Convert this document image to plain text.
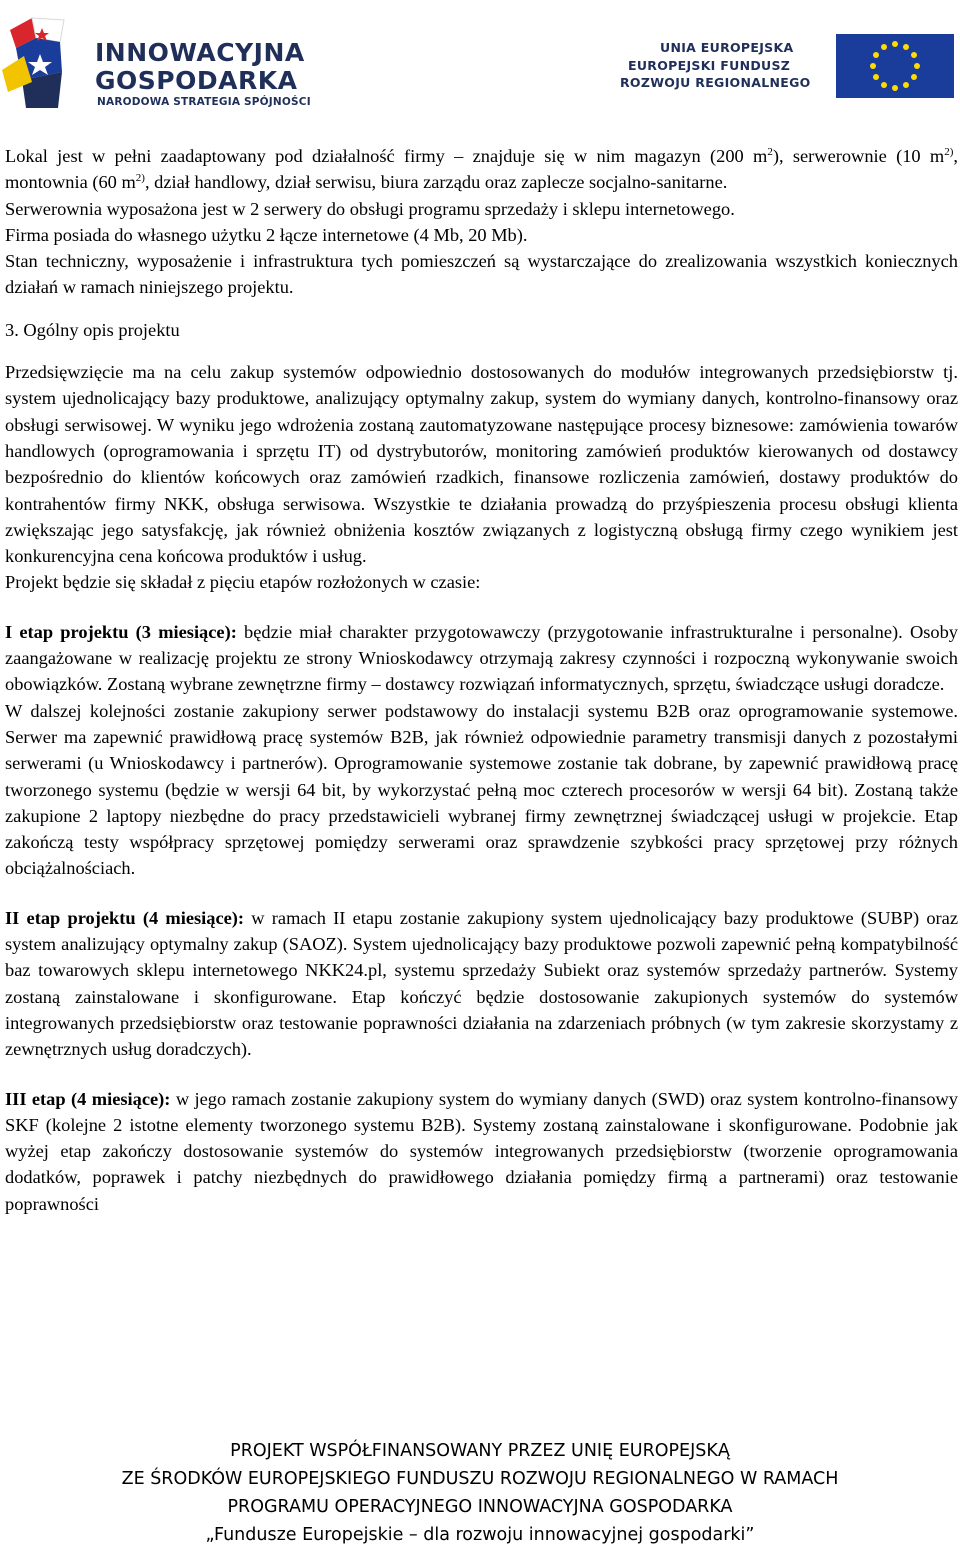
INNOWACYJNA
GOSPODARKA
NARODOWA STRATEGIA SPÓJNOŚCI
UNIA EUROPEJSKA
EUROPEJSKI FUNDUSZ
ROZWOJU REGIONALNEGO

Lokal jest w pełni zaadaptowany pod działalność firmy – znajduje się w nim magazyn (200 $m^2$), serwerownie (10 $m^{2)}$, montownia (60 $m^{2)}$, dział handlowy, dział serwisu, biura zarządu oraz zaplecze socjalno-sanitarne.

Serwerownia wyposażona jest w 2 serwery do obsługi programu sprzedaży i sklepu internetowego.

Firma posiada do własnego użytku 2 łącze internetowe (4 Mb, 20 Mb).

Stan techniczny, wyposażenie i infrastruktura tych pomieszczeń są wystarczające do zrealizowania wszystkich koniecznych działań w ramach niniejszego projektu.

3. Ogólny opis projektu

Przedsięwzięcie ma na celu zakup systemów odpowiednio dostosowanych do modułów integrowanych przedsiębiorstw tj. system ujednolicający bazy produktowe, analizujący optymalny zakup, system do wymiany danych, kontrolno-finansowy oraz obsługi serwisowej. W wyniku jego wdrożenia zostaną zautomatyzowane następujące procesy biznesowe: zamówienia towarów handlowych (oprogramowania i sprzętu IT) od dystrybutorów, monitoring zamówień produktów kierowanych od dostawcy bezpośrednio do klientów końcowych oraz zamówień rzadkich, finansowe rozliczenia zamówień, dostawy produktów do kontrahentów firmy NKK, obsługa serwisowa. Wszystkie te działania prowadzą do przyśpieszenia procesu obsługi klienta zwiększając jego satysfakcję, jak również obniżenia kosztów związanych z logistyczną obsługą firmy czego wynikiem jest konkurencyjna cena końcowa produktów i usług.

Projekt będzie się składał z pięciu etapów rozłożonych w czasie:

I etap projektu (3 miesiące): będzie miał charakter przygotowawczy (przygotowanie infrastrukturalne i personalne). Osoby zaangażowane w realizację projektu ze strony Wnioskodawcy otrzymają zakresy czynności i rozpoczną wykonywanie swoich obowiązków. Zostaną wybrane zewnętrzne firmy – dostawcy rozwiązań informatycznych, sprzętu, świadczące usługi doradcze.

W dalszej kolejności zostanie zakupiony serwer podstawowy do instalacji systemu B2B oraz oprogramowanie systemowe. Serwer ma zapewnić prawidłową pracę systemów B2B, jak również odpowiednie parametry transmisji danych z pozostałymi serwerami (u Wnioskodawcy i partnerów). Oprogramowanie systemowe zostanie tak dobrane, by zapewnić prawidłową pracę tworzonego systemu (będzie w wersji 64 bit, by wykorzystać pełną moc czterech procesorów w wersji 64 bit). Zostaną także zakupione 2 laptopy niezbędne do pracy przedstawicieli wybranej firmy zewnętrznej świadczącej usługi w projekcie. Etap zakończą testy współpracy sprzętowej pomiędzy serwerami oraz sprawdzenie szybkości pracy sprzętowej przy różnych obciążalnościach.

II etap projektu (4 miesiące): w ramach II etapu zostanie zakupiony system ujednolicający bazy produktowe (SUBP) oraz system analizujący optymalny zakup (SAOZ). System ujednolicający bazy produktowe pozwoli zapewnić pełną kompatybilność baz towarowych sklepu internetowego NKK24.pl, systemu sprzedaży Subiekt oraz systemów sprzedaży partnerów. Systemy zostaną zainstalowane i skonfigurowane. Etap kończyć będzie dostosowanie zakupionych systemów do systemów integrowanych przedsiębiorstw oraz testowanie poprawności działania na zdarzeniach próbnych (w tym zakresie skorzystamy z zewnętrznych usług doradczych).

III etap (4 miesiące): w jego ramach zostanie zakupiony system do wymiany danych (SWD) oraz system kontrolno-finansowy SKF (kolejne 2 istotne elementy tworzonego systemu B2B). Systemy zostaną zainstalowane i skonfigurowane. Podobnie jak wyżej etap zakończy dostosowanie systemów do systemów integrowanych przedsiębiorstw (tworzenie oprogramowania dodatków, poprawek i patchy niezbędnych do prawidłowego działania pomiędzy firmą a partnerami) oraz testowanie poprawności

PROJEKT WSPÓŁFINANSOWANY PRZEZ UNIĘ EUROPEJSKĄ
ZE ŚRODKÓW EUROPEJSKIEGO FUNDUSZU ROZWOJU REGIONALNEGO W RAMACH
PROGRAMU OPERACYJNEGO INNOWACYJNA GOSPODARKA
„Fundusze Europejskie – dla rozwoju innowacyjnej gospodarki”
